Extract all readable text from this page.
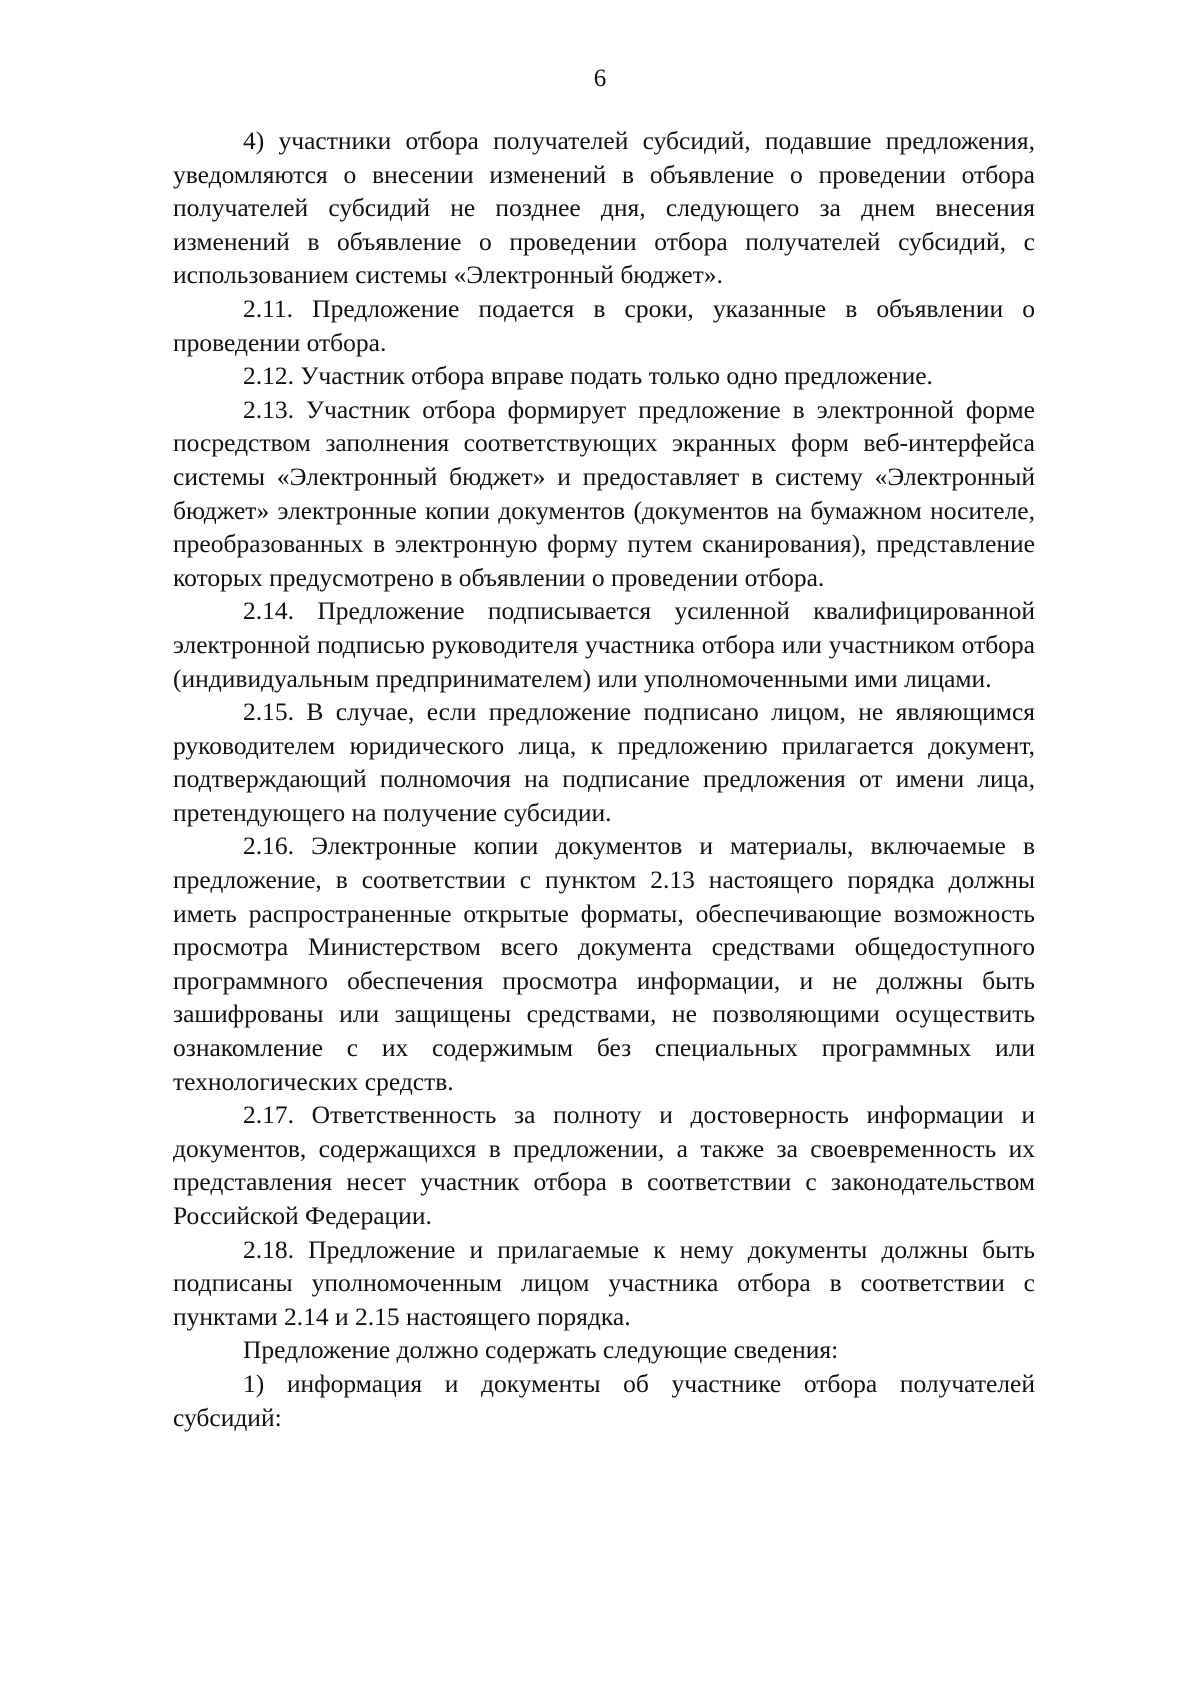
6

4) участники отбора получателей субсидий, подавшие предложения, уведомляются о внесении изменений в объявление о проведении отбора получателей субсидий не позднее дня, следующего за днем внесения изменений в объявление о проведении отбора получателей субсидий, с использованием системы «Электронный бюджет».

2.11. Предложение подается в сроки, указанные в объявлении о проведении отбора.

2.12. Участник отбора вправе подать только одно предложение.

2.13. Участник отбора формирует предложение в электронной форме посредством заполнения соответствующих экранных форм веб-интерфейса системы «Электронный бюджет» и предоставляет в систему «Электронный бюджет» электронные копии документов (документов на бумажном носителе, преобразованных в электронную форму путем сканирования), представление которых предусмотрено в объявлении о проведении отбора.

2.14. Предложение подписывается усиленной квалифицированной электронной подписью руководителя участника отбора или участником отбора (индивидуальным предпринимателем) или уполномоченными ими лицами.

2.15. В случае, если предложение подписано лицом, не являющимся руководителем юридического лица, к предложению прилагается документ, подтверждающий полномочия на подписание предложения от имени лица, претендующего на получение субсидии.

2.16. Электронные копии документов и материалы, включаемые в предложение, в соответствии с пунктом 2.13 настоящего порядка должны иметь распространенные открытые форматы, обеспечивающие возможность просмотра Министерством всего документа средствами общедоступного программного обеспечения просмотра информации, и не должны быть зашифрованы или защищены средствами, не позволяющими осуществить ознакомление с их содержимым без специальных программных или технологических средств.

2.17. Ответственность за полноту и достоверность информации и документов, содержащихся в предложении, а также за своевременность их представления несет участник отбора в соответствии с законодательством Российской Федерации.

2.18. Предложение и прилагаемые к нему документы должны быть подписаны уполномоченным лицом участника отбора в соответствии с пунктами 2.14 и 2.15 настоящего порядка.

Предложение должно содержать следующие сведения:

1) информация и документы об участнике отбора получателей субсидий:
